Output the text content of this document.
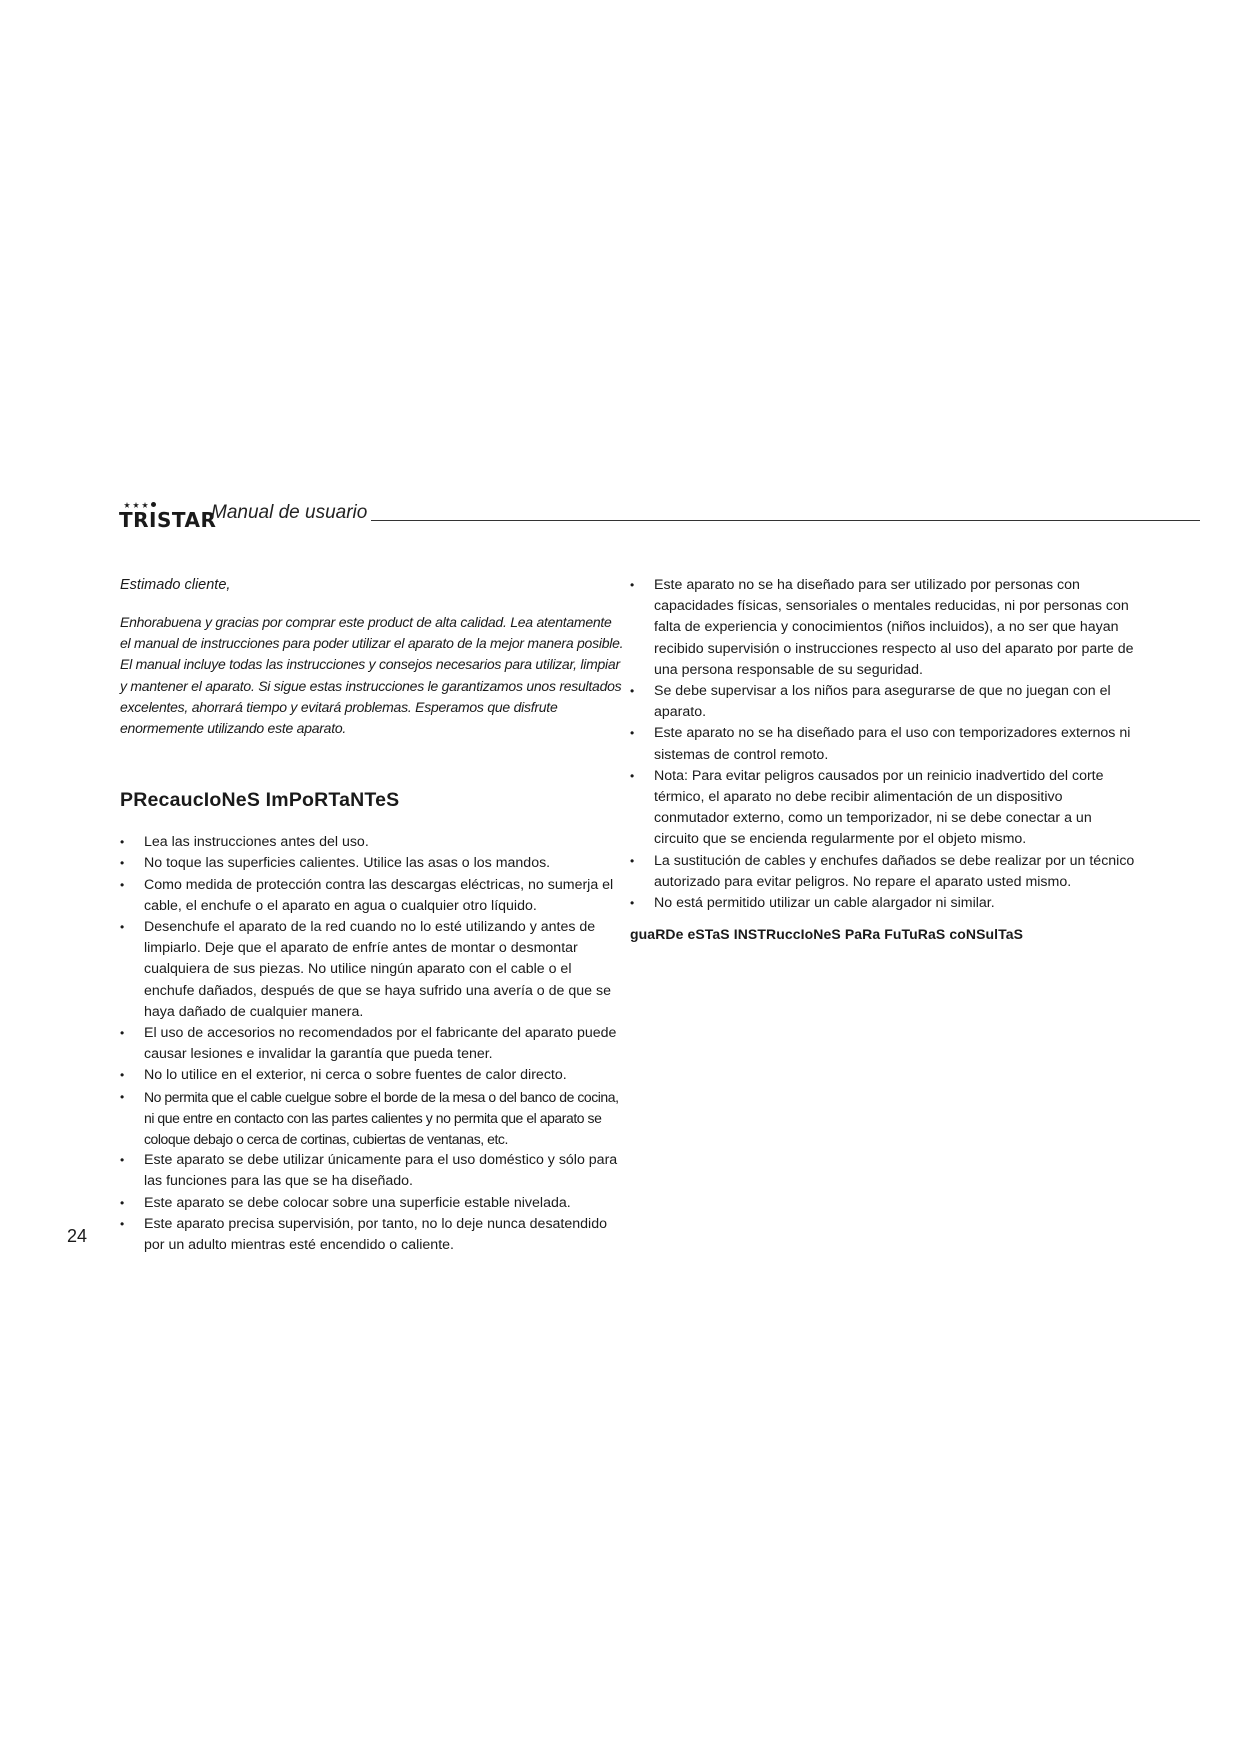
TRISTAR
Manual de usuario

Estimado cliente,

Enhorabuena y gracias por comprar este product de alta calidad. Lea atentamente el manual de instrucciones para poder utilizar el aparato de la mejor manera posible. El manual incluye todas las instrucciones y consejos necesarios para utilizar, limpiar y mantener el aparato. Si sigue estas instrucciones le garantizamos unos resultados excelentes, ahorrará tiempo y evitará problemas. Esperamos que disfrute enormemente utilizando este aparato.

PRecaucIoNeS ImPoRTaNTeS
• Lea las instrucciones antes del uso.
• No toque las superficies calientes. Utilice las asas o los mandos.
• Como medida de protección contra las descargas eléctricas, no sumerja el cable, el enchufe o el aparato en agua o cualquier otro líquido.
• Desenchufe el aparato de la red cuando no lo esté utilizando y antes de limpiarlo. Deje que el aparato de enfríe antes de montar o desmontar cualquiera de sus piezas. No utilice ningún aparato con el cable o el enchufe dañados, después de que se haya sufrido una avería o de que se haya dañado de cualquier manera.
• El uso de accesorios no recomendados por el fabricante del aparato puede causar lesiones e invalidar la garantía que pueda tener.
• No lo utilice en el exterior, ni cerca o sobre fuentes de calor directo.
• No permita que el cable cuelgue sobre el borde de la mesa o del banco de cocina, ni que entre en contacto con las partes calientes y no permita que el aparato se coloque debajo o cerca de cortinas, cubiertas de ventanas, etc.
• Este aparato se debe utilizar únicamente para el uso doméstico y sólo para las funciones para las que se ha diseñado.
• Este aparato se debe colocar sobre una superficie estable nivelada.
• Este aparato precisa supervisión, por tanto, no lo deje nunca desatendido por un adulto mientras esté encendido o caliente.
• Este aparato no se ha diseñado para ser utilizado por personas con capacidades físicas, sensoriales o mentales reducidas, ni por personas con falta de experiencia y conocimientos (niños incluidos), a no ser que hayan recibido supervisión o instrucciones respecto al uso del aparato por parte de una persona responsable de su seguridad.
• Se debe supervisar a los niños para asegurarse de que no juegan con el aparato.
• Este aparato no se ha diseñado para el uso con temporizadores externos ni sistemas de control remoto.
• Nota: Para evitar peligros causados por un reinicio inadvertido del corte térmico, el aparato no debe recibir alimentación de un dispositivo conmutador externo, como un temporizador, ni se debe conectar a un circuito que se encienda regularmente por el objeto mismo.
• La sustitución de cables y enchufes dañados se debe realizar por un técnico autorizado para evitar peligros. No repare el aparato usted mismo.
• No está permitido utilizar un cable alargador ni similar.
guaRDe eSTaS INSTRuccIoNeS PaRa FuTuRaS coNSulTaS
24
